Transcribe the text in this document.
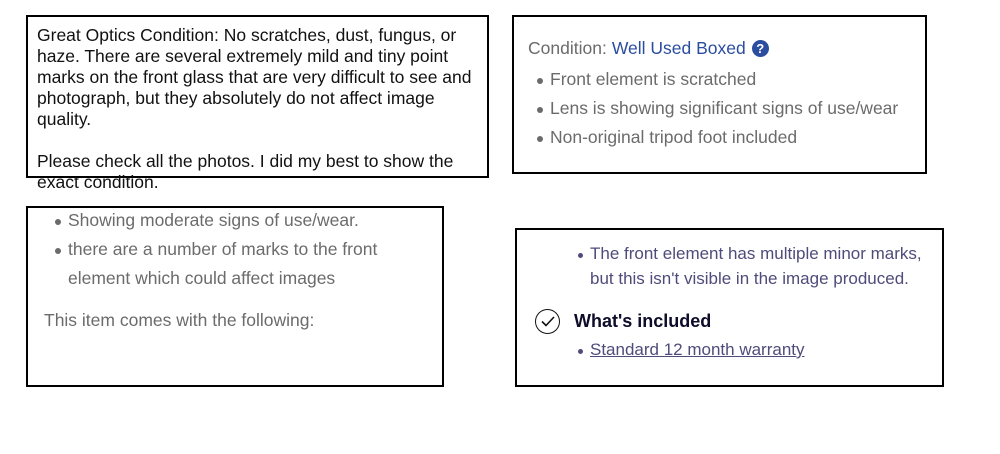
Great Optics Condition: No scratches, dust, fungus, or haze. There are several extremely mild and tiny point marks on the front glass that are very difficult to see and photograph, but they absolutely do not affect image quality.

Please check all the photos. I did my best to show the exact condition.

Condition: Well Used Boxed ?
Front element is scratched
Lens is showing significant signs of use/wear
Non-original tripod foot included
Showing moderate signs of use/wear.
there are a number of marks to the front element which could affect images

This item comes with the following:

The front element has multiple minor marks, but this isn't visible in the image produced.
What's included
Standard 12 month warranty
